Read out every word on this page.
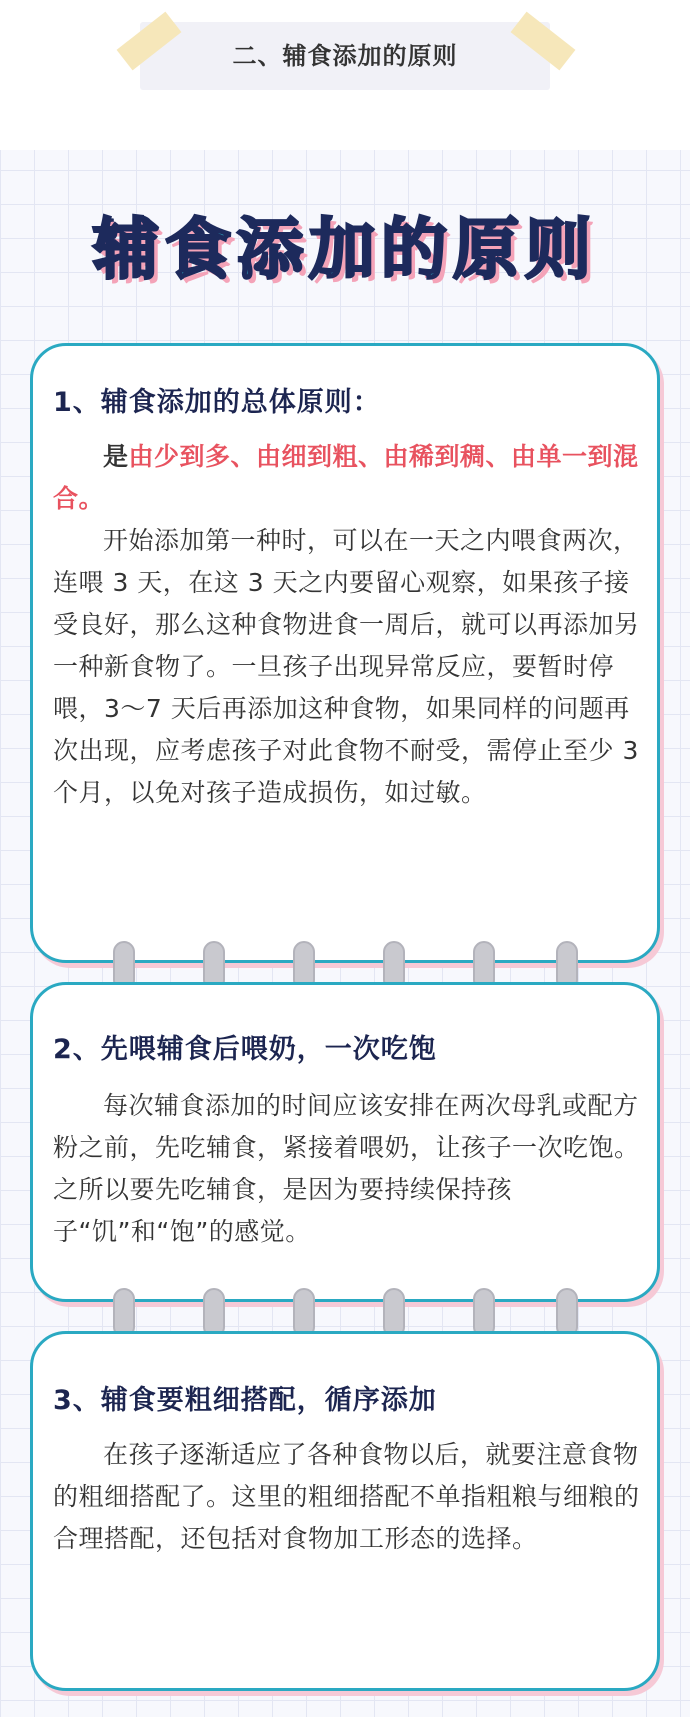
二、辅食添加的原则
辅食添加的原则
1、辅食添加的总体原则：
是由少到多、由细到粗、由稀到稠、由单一到混合。
开始添加第一种时，可以在一天之内喂食两次，连喂 3 天，在这 3 天之内要留心观察，如果孩子接受良好，那么这种食物进食一周后，就可以再添加另一种新食物了。一旦孩子出现异常反应，要暂时停喂，3～7 天后再添加这种食物，如果同样的问题再次出现，应考虑孩子对此食物不耐受，需停止至少 3个月，以免对孩子造成损伤，如过敏。
2、先喂辅食后喂奶，一次吃饱
每次辅食添加的时间应该安排在两次母乳或配方粉之前，先吃辅食，紧接着喂奶，让孩子一次吃饱。之所以要先吃辅食，是因为要持续保持孩子“饥”和“饱”的感觉。
3、辅食要粗细搭配，循序添加
在孩子逐渐适应了各种食物以后，就要注意食物的粗细搭配了。这里的粗细搭配不单指粗粮与细粮的合理搭配，还包括对食物加工形态的选择。
